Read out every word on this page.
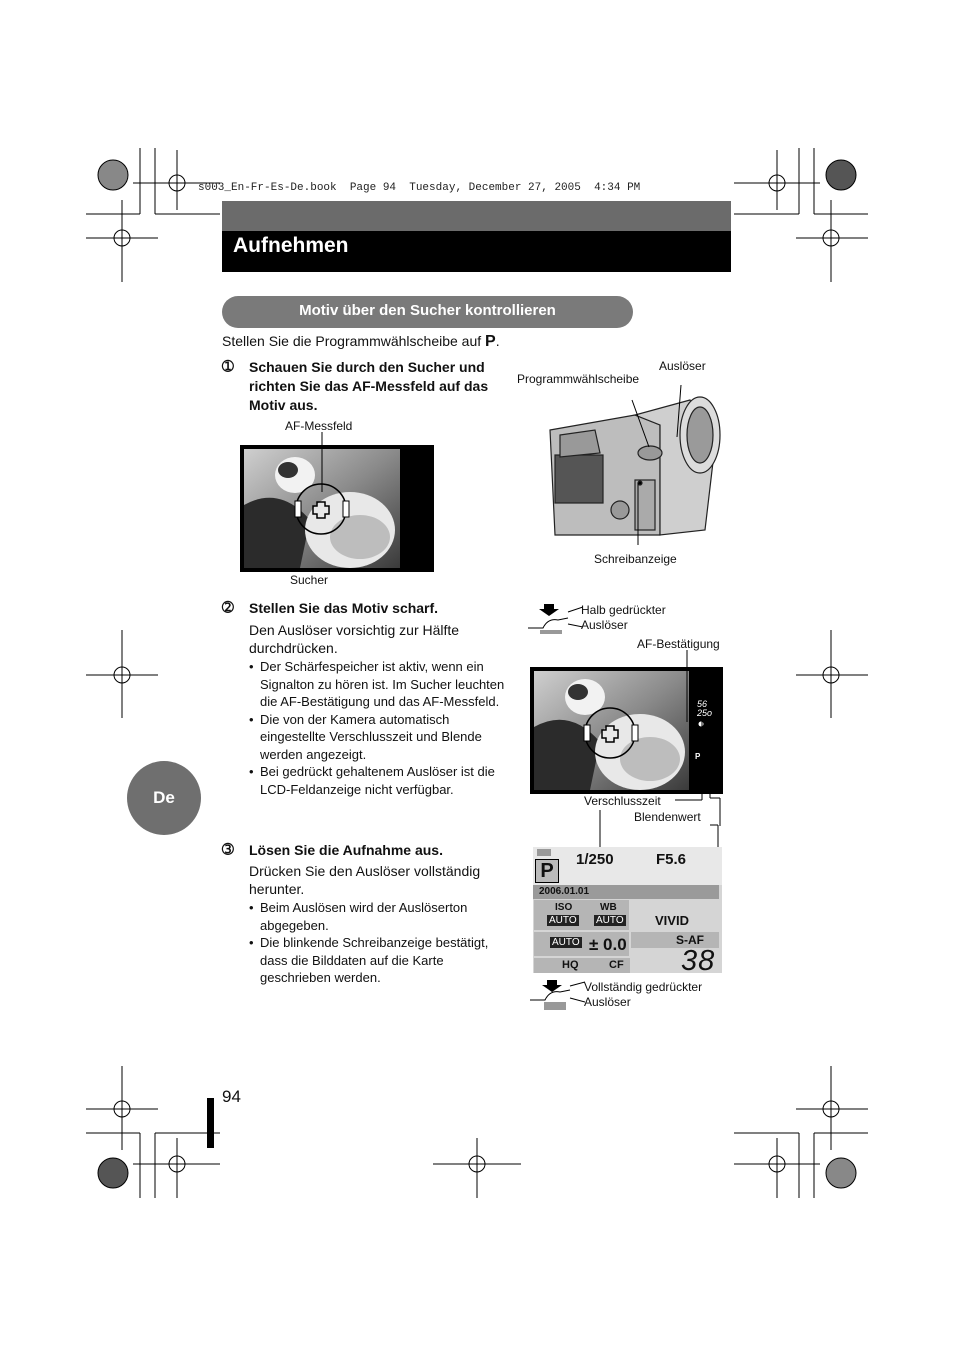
s003_En-Fr-Es-De.book  Page 94  Tuesday, December 27, 2005  4:34 PM
Aufnehmen
Motiv über den Sucher kontrollieren
Stellen Sie die Programmwählscheibe auf P.
➀ Schauen Sie durch den Sucher und richten Sie das AF-Messfeld auf das Motiv aus.
AF-Messfeld
Sucher
Auslöser
Programmwählscheibe
Schreibanzeige
➁ Stellen Sie das Motiv scharf.
Den Auslöser vorsichtig zur Hälfte durchdrücken.
• Der Schärfespeicher ist aktiv, wenn ein Signalton zu hören ist. Im Sucher leuchten die AF-Bestätigung und das AF-Messfeld.
• Die von der Kamera automatisch eingestellte Verschlusszeit und Blende werden angezeigt.
• Bei gedrückt gehaltenem Auslöser ist die LCD-Feldanzeige nicht verfügbar.
Halb gedrückter
Auslöser
AF-Bestätigung
56
25o
P
Verschlusszeit
Blendenwert
P
1/250	F5.6
2006.01.01
ISO
AUTO
WB
AUTO VIVID
AUTO ± 0.0	S-AF
HQ	CF 38
Vollständig gedrückter
Auslöser
➂ Lösen Sie die Aufnahme aus.
Drücken Sie den Auslöser vollständig herunter.
• Beim Auslösen wird der Auslöserton abgegeben.
• Die blinkende Schreibanzeige bestätigt, dass die Bilddaten auf die Karte geschrieben werden.
De
94
